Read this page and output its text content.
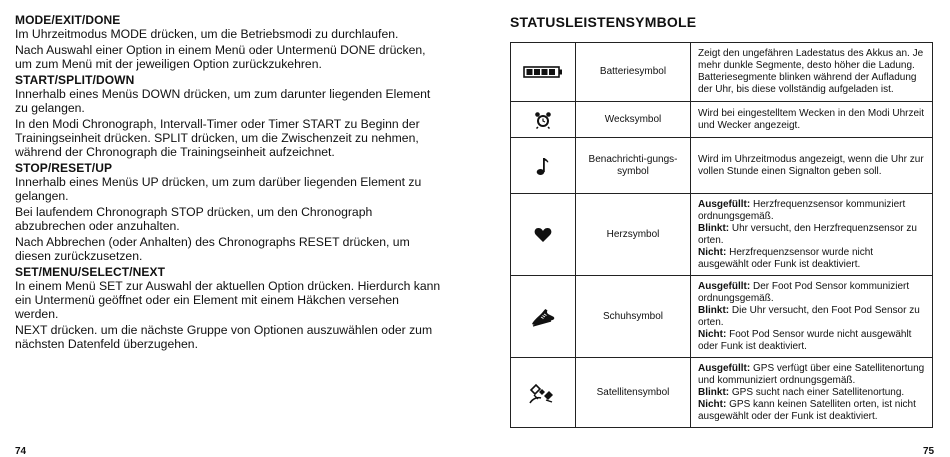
MODE/EXIT/DONE

Im Uhrzeitmodus MODE drücken, um die Betriebsmodi zu durchlaufen.

Nach Auswahl einer Option in einem Menü oder Untermenü DONE drücken, um zum Menü mit der jeweiligen Option zurückzukehren.

START/SPLIT/DOWN

Innerhalb eines Menüs DOWN drücken, um zum darunter liegenden Element zu gelangen.

In den Modi Chronograph, Intervall-Timer oder Timer START zu Beginn der Trainingseinheit drücken. SPLIT drücken, um die Zwischenzeit zu nehmen, während der Chronograph die Trainingseinheit aufzeichnet.

STOP/RESET/UP

Innerhalb eines Menüs UP drücken, um zum darüber liegenden Element zu gelangen.

Bei laufendem Chronograph STOP drücken, um den Chronograph abzubrechen oder anzuhalten.

Nach Abbrechen (oder Anhalten) des Chronographs RESET drücken, um diesen zurückzusetzen.

SET/MENU/SELECT/NEXT

In einem Menü SET zur Auswahl der aktuellen Option drücken. Hierdurch kann ein Untermenü geöffnet oder ein Element mit einem Häkchen versehen werden.

NEXT drücken. um die nächste Gruppe von Optionen auszuwählen oder zum nächsten Datenfeld überzugehen.

74
STATUSLEISTENSYMBOLE
	Batteriesymbol	Zeigt den ungefähren Ladestatus des Akkus an. Je mehr dunkle Segmente, desto höher die Ladung. Batteriesegmente blinken während der Aufladung der Uhr, bis diese vollständig aufgeladen ist.

	Wecksymbol	Wird bei eingestelltem Wecken in den Modi Uhrzeit und Wecker angezeigt.

	Benachrichti-gungs-symbol	Wird im Uhrzeitmodus angezeigt, wenn die Uhr zur vollen Stunde einen Signalton geben soll.

	Herzsymbol	Ausgefüllt: Herzfrequenzsensor kommuniziert ordnungsgemäß.
Blinkt: Uhr versucht, den Herzfrequenzsensor zu orten.
Nicht: Herzfrequenzsensor wurde nicht ausgewählt oder Funk ist deaktiviert.

	Schuhsymbol	Ausgefüllt: Der Foot Pod Sensor kommuniziert ordnungsgemäß.
Blinkt: Die Uhr versucht, den Foot Pod Sensor zu orten.
Nicht: Foot Pod Sensor wurde nicht ausgewählt oder Funk ist deaktiviert.

	Satellitensymbol	Ausgefüllt: GPS verfügt über eine Satellitenortung und kommuniziert ordnungsgemäß.
Blinkt: GPS sucht nach einer Satellitenortung.
Nicht: GPS kann keinen Satelliten orten, ist nicht ausgewählt oder der Funk ist deaktiviert.
75
